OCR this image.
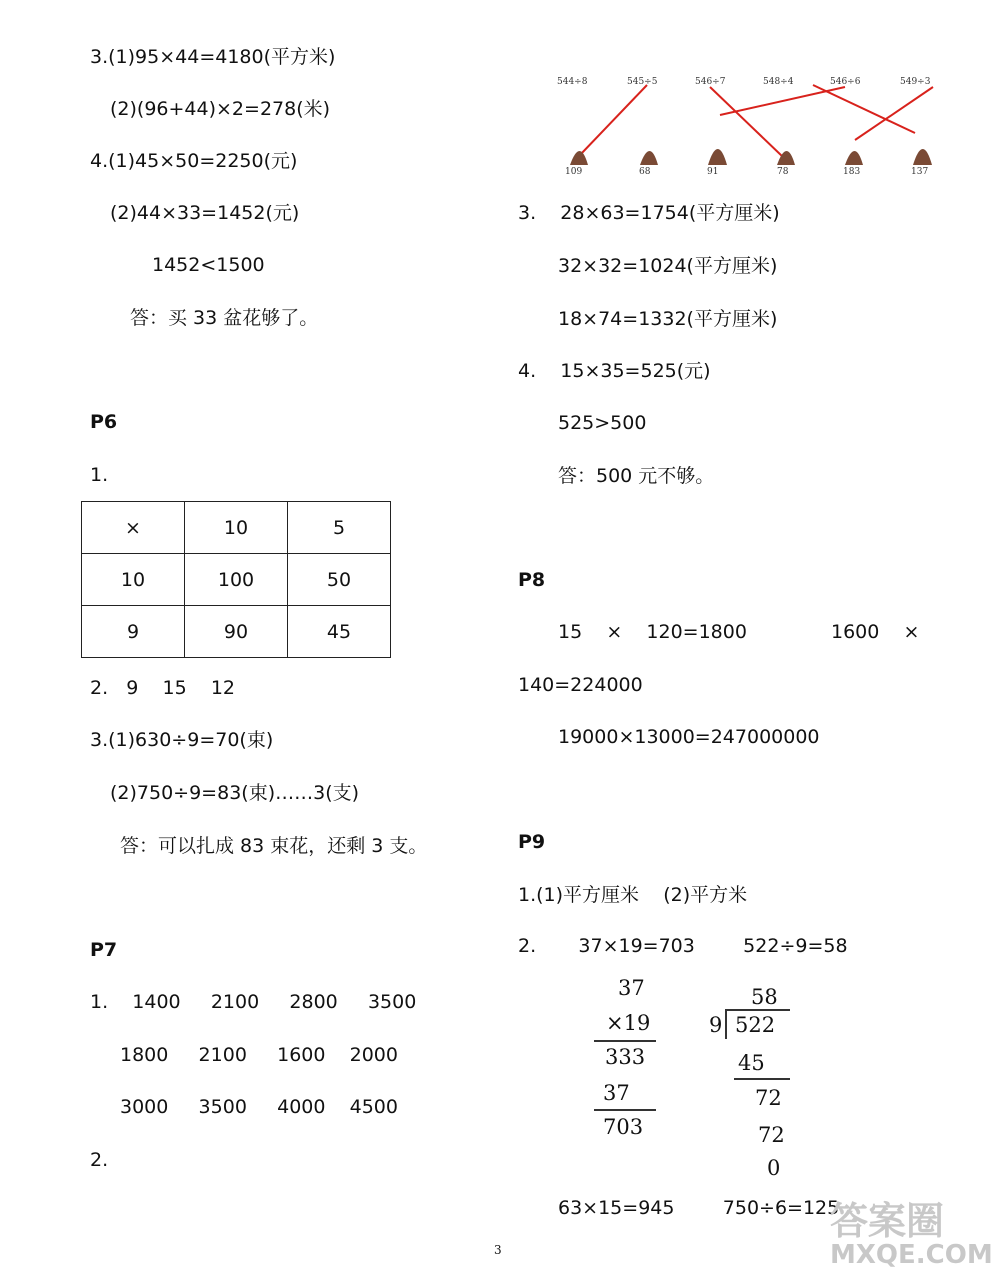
3.(1)95×44=4180(平方米)
(2)(96+44)×2=278(米)
4.(1)45×50=2250(元)
(2)44×33=1452(元)
1452<1500
答：买 33 盆花够了。
P6
1.
×	10	5
10	100	50
9	90	45
2.   9    15    12
3.(1)630÷9=70(束)
(2)750÷9=83(束)……3(支)
答：可以扎成 83 束花，还剩 3 支。
P7
1.    1400     2100     2800     3500
1800     2100     1600    2000
3000     3500     4000    4500
2.
544÷8	545÷5	546÷7	548÷4	546÷6	549÷3
109	68	91	78	183	137
3.    28×63=1754(平方厘米)
32×32=1024(平方厘米)
18×74=1332(平方厘米)
4.    15×35=525(元)
525>500
答：500 元不够。
P8
15    ×    120=1800	1600    ×
140=224000
19000×13000=247000000
P9
1.(1)平方厘米    (2)平方米
2.       37×19=703        522÷9=58
37
×19
333
37
703
58
9 522
45
72
72
0
63×15=945        750÷6=125
3
答案圈
MXQE.COM
